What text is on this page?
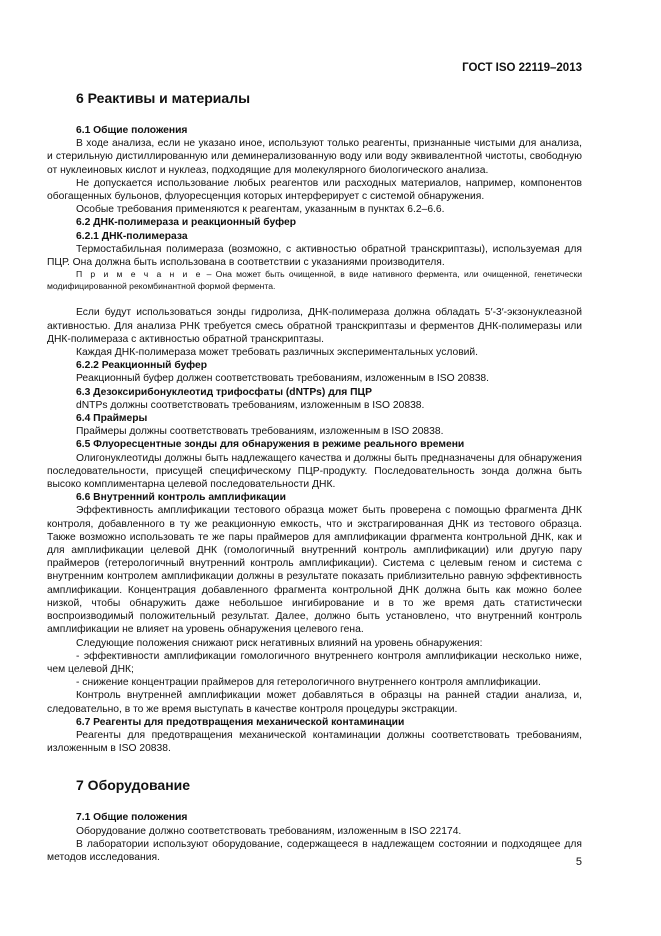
ГОСТ ISO 22119–2013
6 Реактивы и материалы

6.1 Общие положения

В ходе анализа, если не указано иное, используют только реагенты, признанные чистыми для анализа, и стерильную дистиллированную или деминерализованную воду или воду эквивалентной чистоты, свободную от нуклеиновых кислот и нуклеаз, подходящие для молекулярного биологического анализа.

Не допускается использование любых реагентов или расходных материалов, например, компонентов обогащенных бульонов, флуоресценция которых интерферирует с системой обнаружения.

Особые требования применяются к реагентам, указанным в пунктах 6.2–6.6.

6.2 ДНК-полимераза и реакционный буфер

6.2.1 ДНК-полимераза

Термостабильная полимераза (возможно, с активностью обратной транскриптазы), используемая для ПЦР. Она должна быть использована в соответствии с указаниями производителя.

П р и м е ч а н и е – Она может быть очищенной, в виде нативного фермента, или очищенной, генетически модифицированной рекомбинантной формой фермента.

Если будут использоваться зонды гидролиза, ДНК-полимераза должна обладать 5′-3′-экзонуклеазной активностью. Для анализа РНК требуется смесь обратной транскриптазы и ферментов ДНК-полимеразы или ДНК-полимераза с активностью обратной транскриптазы.

Каждая ДНК-полимераза может требовать различных экспериментальных условий.

6.2.2 Реакционный буфер

Реакционный буфер должен соответствовать требованиям, изложенным в ISO 20838.

6.3 Дезоксирибонуклеотид трифосфаты (dNTPs) для ПЦР

dNTPs должны соответствовать требованиям, изложенным в ISO 20838.

6.4 Праймеры

Праймеры должны соответствовать требованиям, изложенным в ISO 20838.

6.5 Флуоресцентные зонды для обнаружения в режиме реального времени

Олигонуклеотиды должны быть надлежащего качества и должны быть предназначены для обнаружения последовательности, присущей специфическому ПЦР-продукту. Последовательность зонда должна быть высоко комплиментарна целевой последовательности ДНК.

6.6 Внутренний контроль амплификации

Эффективность амплификации тестового образца может быть проверена с помощью фрагмента ДНК контроля, добавленного в ту же реакционную емкость, что и экстрагированная ДНК из тестового образца. Также возможно использовать те же пары праймеров для амплификации фрагмента контрольной ДНК, как и для амплификации целевой ДНК (гомологичный внутренний контроль амплификации) или другую пару праймеров (гетерологичный внутренний контроль амплификации). Система с целевым геном и система с внутренним контролем амплификации должны в результате показать приблизительно равную эффективность амплификации. Концентрация добавленного фрагмента контрольной ДНК должна быть как можно более низкой, чтобы обнаружить даже небольшое ингибирование и в то же время дать статистически воспроизводимый положительный результат. Далее, должно быть установлено, что внутренний контроль амплификации не влияет на уровень обнаружения целевого гена.

Следующие положения снижают риск негативных влияний на уровень обнаружения:

- эффективности амплификации гомологичного внутреннего контроля амплификации несколько ниже, чем целевой ДНК;

- снижение концентрации праймеров для гетерологичного внутреннего контроля амплификации.

Контроль внутренней амплификации может добавляться в образцы на ранней стадии анализа, и, следовательно, в то же время выступать в качестве контроля процедуры экстракции.

6.7 Реагенты для предотвращения механической контаминации

Реагенты для предотвращения механической контаминации должны соответствовать требованиям, изложенным в ISO 20838.

7 Оборудование

7.1 Общие положения

Оборудование должно соответствовать требованиям, изложенным в ISO 22174.

В лаборатории используют оборудование, содержащееся в надлежащем состоянии и подходящее для методов исследования.	5
